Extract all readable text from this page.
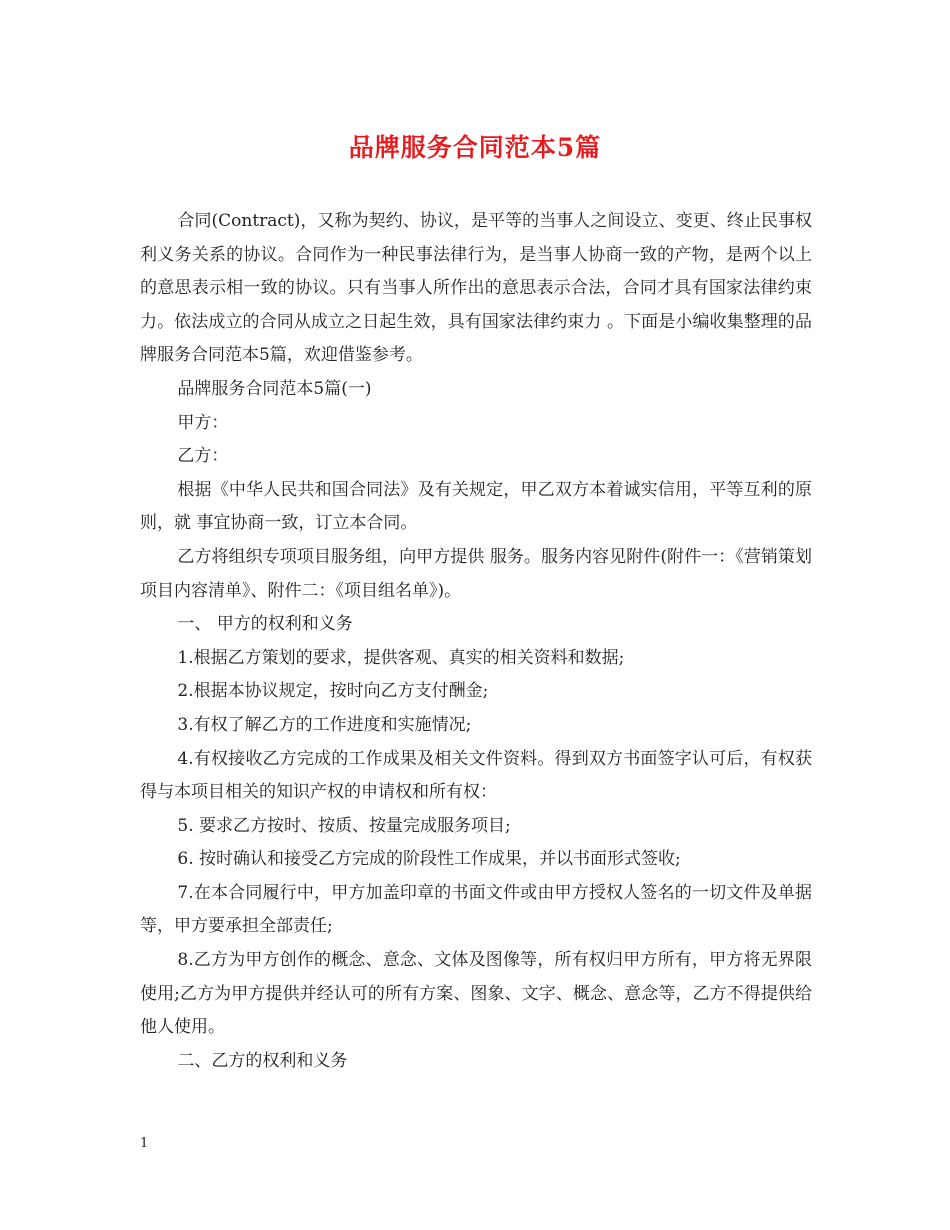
品牌服务合同范本5篇

合同(Contract)，又称为契约、协议，是平等的当事人之间设立、变更、终止民事权利义务关系的协议。合同作为一种民事法律行为，是当事人协商一致的产物，是两个以上的意思表示相一致的协议。只有当事人所作出的意思表示合法，合同才具有国家法律约束力。依法成立的合同从成立之日起生效，具有国家法律约束力 。下面是小编收集整理的品牌服务合同范本5篇，欢迎借鉴参考。

品牌服务合同范本5篇(一)

甲方：

乙方：

根据《中华人民共和国合同法》及有关规定，甲乙双方本着诚实信用，平等互利的原则，就 事宜协商一致，订立本合同。

乙方将组织专项项目服务组，向甲方提供 服务。服务内容见附件(附件一：《营销策划项目内容清单》、附件二：《项目组名单》)。

一、 甲方的权利和义务

1.根据乙方策划的要求，提供客观、真实的相关资料和数据;

2.根据本协议规定，按时向乙方支付酬金;

3.有权了解乙方的工作进度和实施情况;

4.有权接收乙方完成的工作成果及相关文件资料。得到双方书面签字认可后，有权获得与本项目相关的知识产权的申请权和所有权：

5. 要求乙方按时、按质、按量完成服务项目;

6. 按时确认和接受乙方完成的阶段性工作成果，并以书面形式签收;

7.在本合同履行中，甲方加盖印章的书面文件或由甲方授权人签名的一切文件及单据等，甲方要承担全部责任;

8.乙方为甲方创作的概念、意念、文体及图像等，所有权归甲方所有，甲方将无界限使用;乙方为甲方提供并经认可的所有方案、图象、文字、概念、意念等，乙方不得提供给他人使用。

二、乙方的权利和义务

1
